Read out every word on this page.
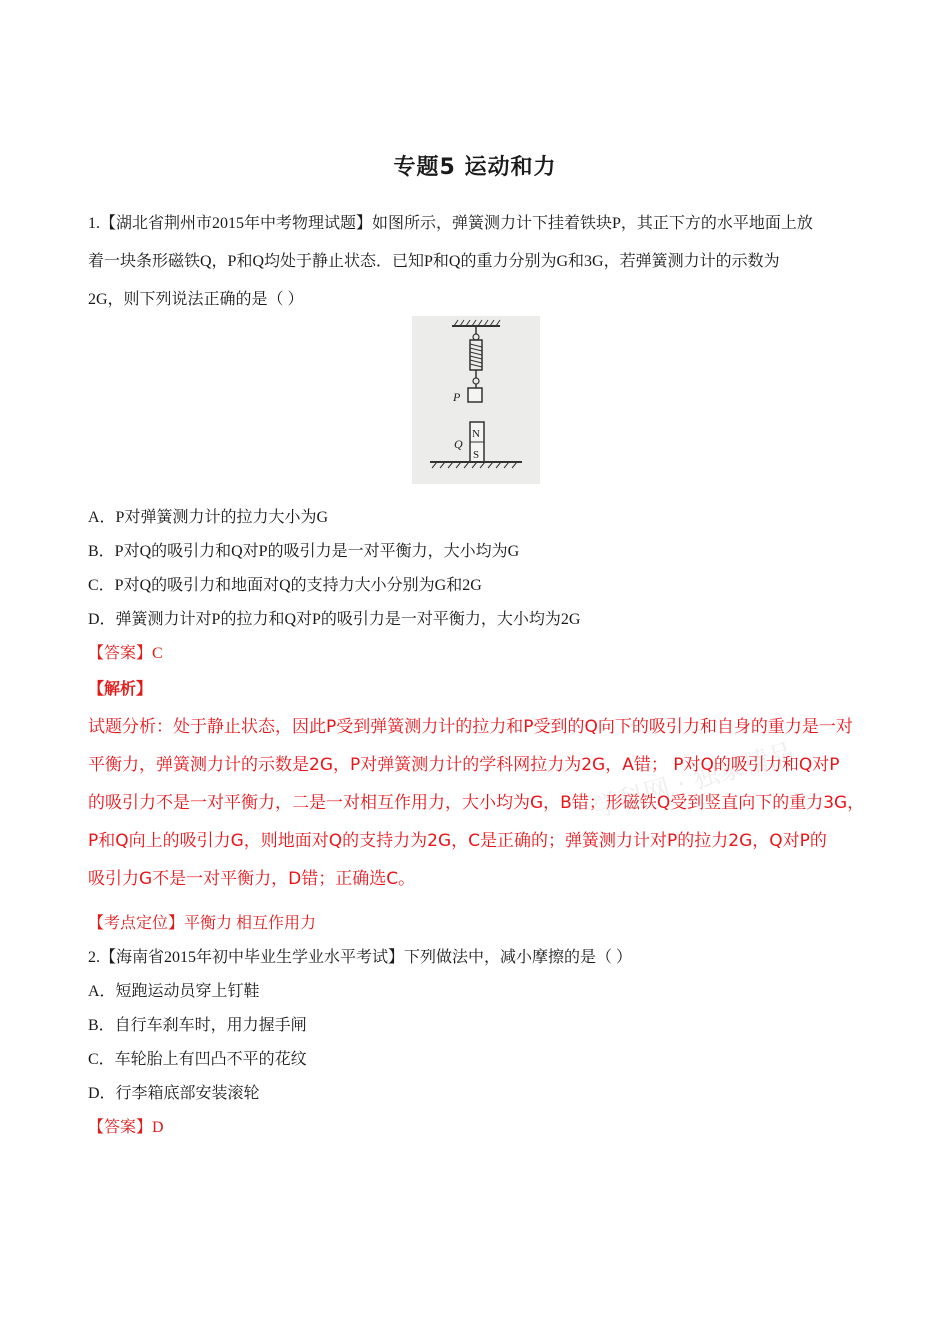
专题5 运动和力
1.【湖北省荆州市2015年中考物理试题】如图所示，弹簧测力计下挂着铁块P，其正下方的水平地面上放
着一块条形磁铁Q，P和Q均处于静止状态．已知P和Q的重力分别为G和3G，若弹簧测力计的示数为
2G，则下列说法正确的是（ ）
P
N
S
Q
A．P对弹簧测力计的拉力大小为G
B．P对Q的吸引力和Q对P的吸引力是一对平衡力，大小均为G
C．P对Q的吸引力和地面对Q的支持力大小分别为G和2G
D．弹簧测力计对P的拉力和Q对P的吸引力是一对平衡力，大小均为2G
【答案】C
【解析】
学科网 · 独家精品
试题分析：处于静止状态，因此P受到弹簧测力计的拉力和P受到的Q向下的吸引力和自身的重力是一对
平衡力，弹簧测力计的示数是2G，P对弹簧测力计的学科网拉力为2G，A错； P对Q的吸引力和Q对P
的吸引力不是一对平衡力，二是一对相互作用力，大小均为G，B错；形磁铁Q受到竖直向下的重力3G，
P和Q向上的吸引力G，则地面对Q的支持力为2G，C是正确的；弹簧测力计对P的拉力2G，Q对P的
吸引力G不是一对平衡力，D错；正确选C。
【考点定位】平衡力 相互作用力
2.【海南省2015年初中毕业生学业水平考试】下列做法中，减小摩擦的是（ ）
A．短跑运动员穿上钉鞋
B．自行车刹车时，用力握手闸
C．车轮胎上有凹凸不平的花纹
D．行李箱底部安装滚轮
【答案】D
